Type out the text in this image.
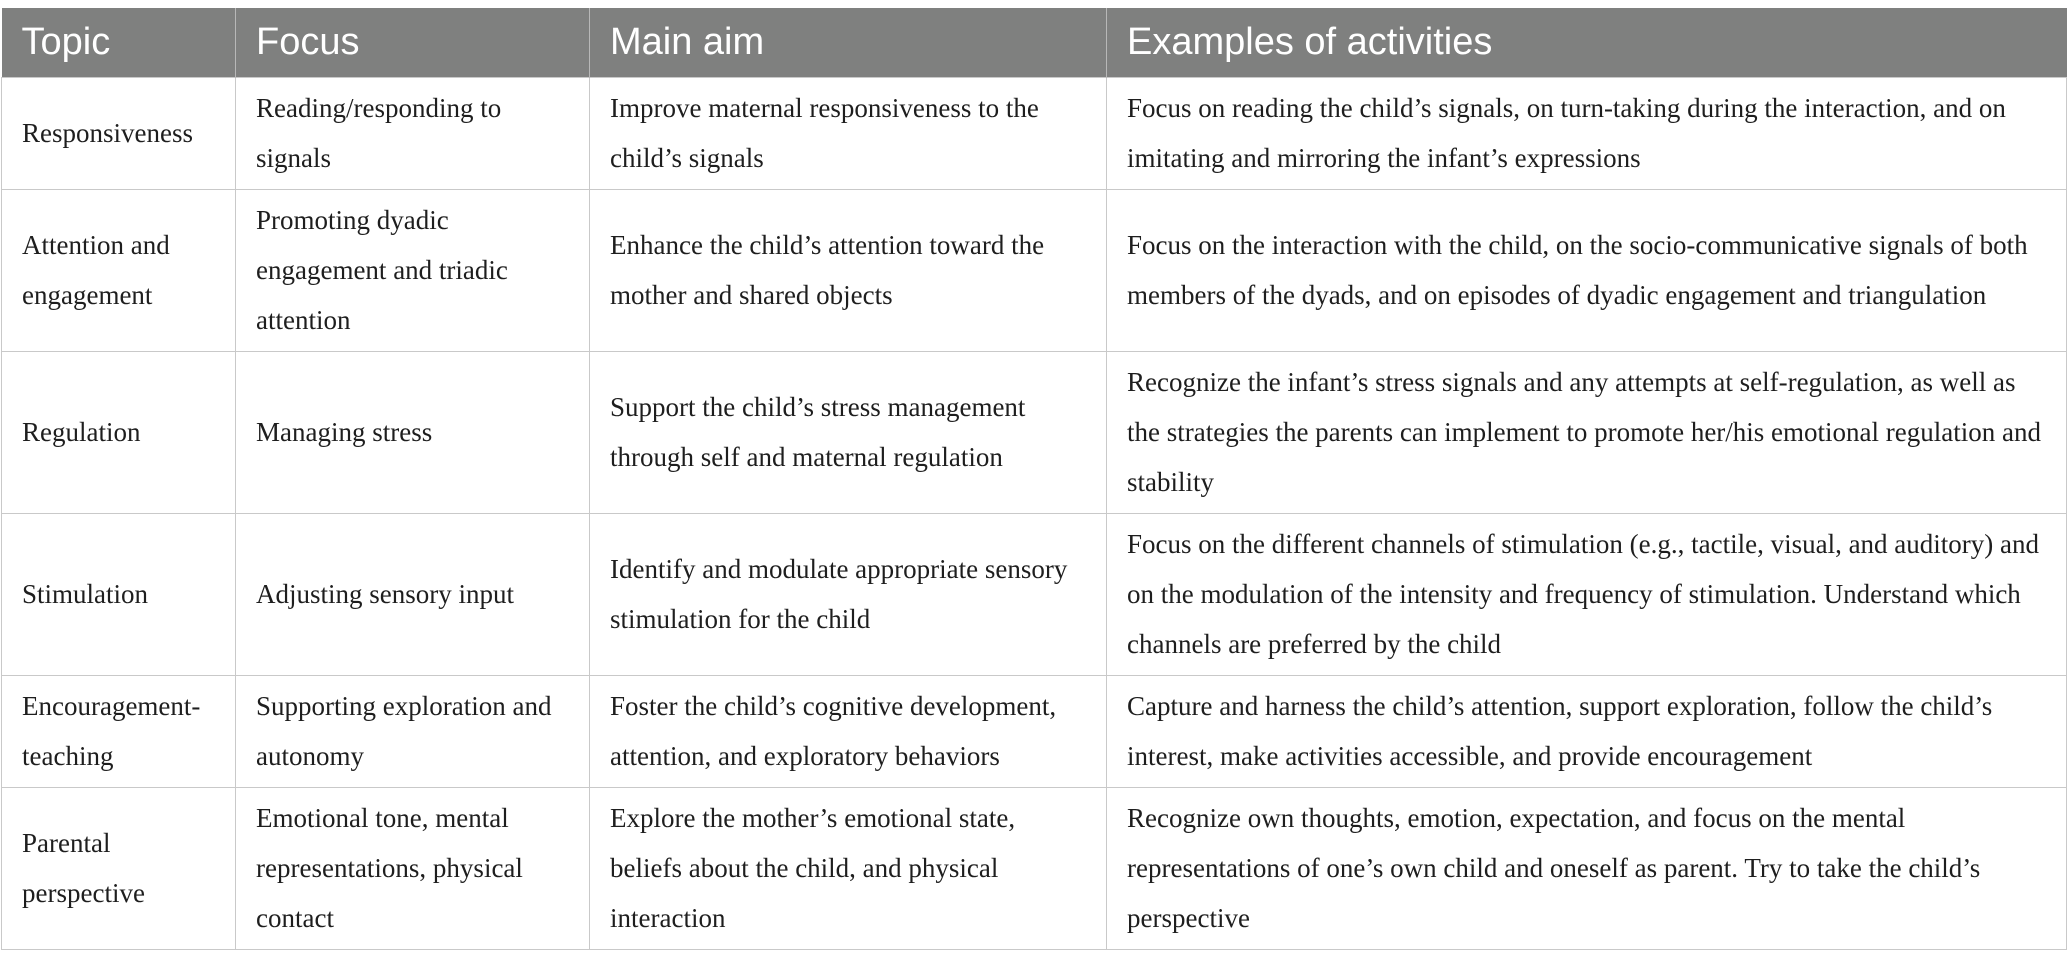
Topic	Focus	Main aim	Examples of activities
Responsiveness	Reading/responding to signals	Improve maternal responsiveness to the child’s signals	Focus on reading the child’s signals, on turn-taking during the interaction, and on imitating and mirroring the infant’s expressions
Attention and engagement	Promoting dyadic engagement and triadic attention	Enhance the child’s attention toward the mother and shared objects	Focus on the interaction with the child, on the socio-communicative signals of both members of the dyads, and on episodes of dyadic engagement and triangulation
Regulation	Managing stress	Support the child’s stress management through self and maternal regulation	Recognize the infant’s stress signals and any attempts at self-regulation, as well as the strategies the parents can implement to promote her/his emotional regulation and stability
Stimulation	Adjusting sensory input	Identify and modulate appropriate sensory stimulation for the child	Focus on the different channels of stimulation (e.g., tactile, visual, and auditory) and on the modulation of the intensity and frequency of stimulation. Understand which channels are preferred by the child
Encouragement-teaching	Supporting exploration and autonomy	Foster the child’s cognitive development, attention, and exploratory behaviors	Capture and harness the child’s attention, support exploration, follow the child’s interest, make activities accessible, and provide encouragement
Parental perspective	Emotional tone, mental representations, physical contact	Explore the mother’s emotional state, beliefs about the child, and physical interaction	Recognize own thoughts, emotion, expectation, and focus on the mental representations of one’s own child and oneself as parent. Try to take the child’s perspective
